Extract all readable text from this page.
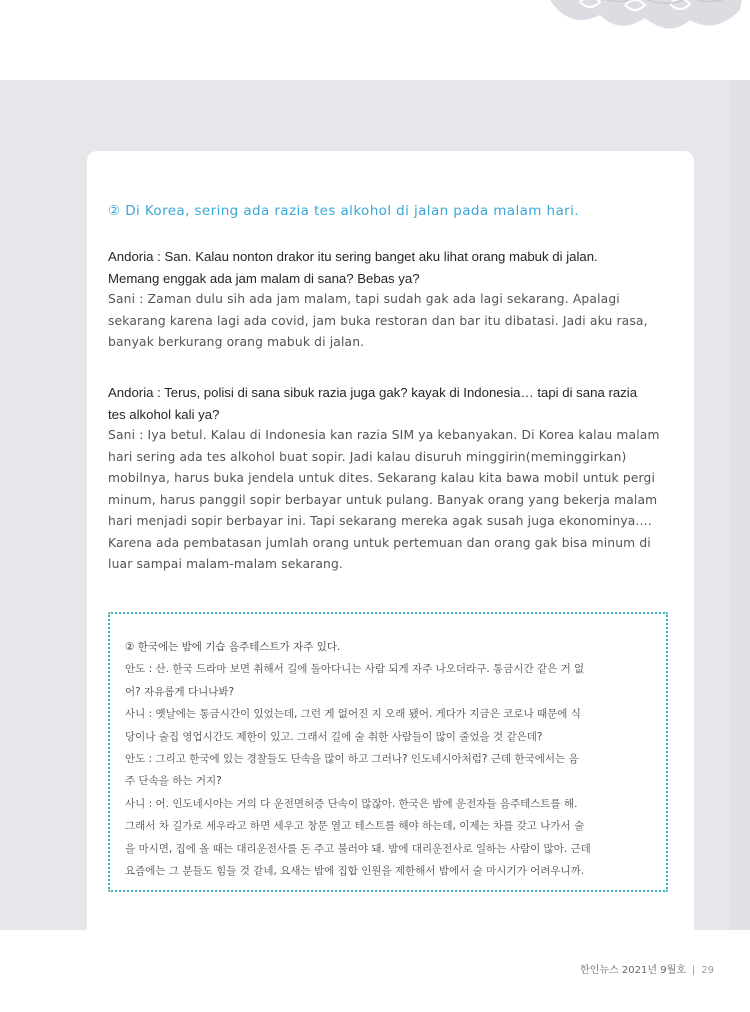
② Di Korea, sering ada razia tes alkohol di jalan pada malam hari.

Andoria : San. Kalau nonton drakor itu sering banget aku lihat orang mabuk di jalan.

Memang enggak ada jam malam di sana? Bebas ya?

Sani : Zaman dulu sih ada jam malam, tapi sudah gak ada lagi sekarang. Apalagi

sekarang karena lagi ada covid, jam buka restoran dan bar itu dibatasi. Jadi aku rasa,

banyak berkurang orang mabuk di jalan.

Andoria : Terus, polisi di sana sibuk razia juga gak? kayak di Indonesia… tapi di sana razia

tes alkohol kali ya?

Sani : Iya betul. Kalau di Indonesia kan razia SIM ya kebanyakan. Di Korea kalau malam

hari sering ada tes alkohol buat sopir. Jadi kalau disuruh minggirin(meminggirkan)

mobilnya, harus buka jendela untuk dites. Sekarang kalau kita bawa mobil untuk pergi

minum, harus panggil sopir berbayar untuk pulang. Banyak orang yang bekerja malam

hari menjadi sopir berbayar ini. Tapi sekarang mereka agak susah juga ekonominya….

Karena ada pembatasan jumlah orang untuk pertemuan dan orang gak bisa minum di

luar sampai malam-malam sekarang.

② 한국에는 밤에 기습 음주테스트가 자주 있다.

안도 : 산. 한국 드라마 보면 취해서 길에 돌아다니는 사람 되게 자주 나오더라구. 통금시간 같은 거 없

어? 자유롭게 다니나봐?

사니 : 옛날에는 통금시간이 있었는데, 그런 게 없어진 지 오래 됐어. 게다가 지금은 코로나 때문에 식

당이나 술집 영업시간도 제한이 있고. 그래서 길에 술 취한 사람들이 많이 줄었을 것 같은데?

안도 : 그리고 한국에 있는 경찰들도 단속을 많이 하고 그러나? 인도네시아처럼? 근데 한국에서는 음

주 단속을 하는 거지?

사니 : 어. 인도네시아는 거의 다 운전면허증 단속이 많잖아. 한국은 밤에 운전자들 음주테스트를 해.

그래서 차 길가로 세우라고 하면 세우고 창문 열고 테스트를 해야 하는데, 이제는 차를 갖고 나가서 술

을 마시면, 집에 올 때는 대리운전사를 돈 주고 불러야 돼. 밤에 대리운전사로 일하는 사람이 많아. 근데

요즘에는 그 분들도 힘들 것 같네, 요새는 밤에 집합 인원을 제한해서 밤에서 술 마시기가 어려우니까.

한인뉴스 2021년 9월호 | 29
